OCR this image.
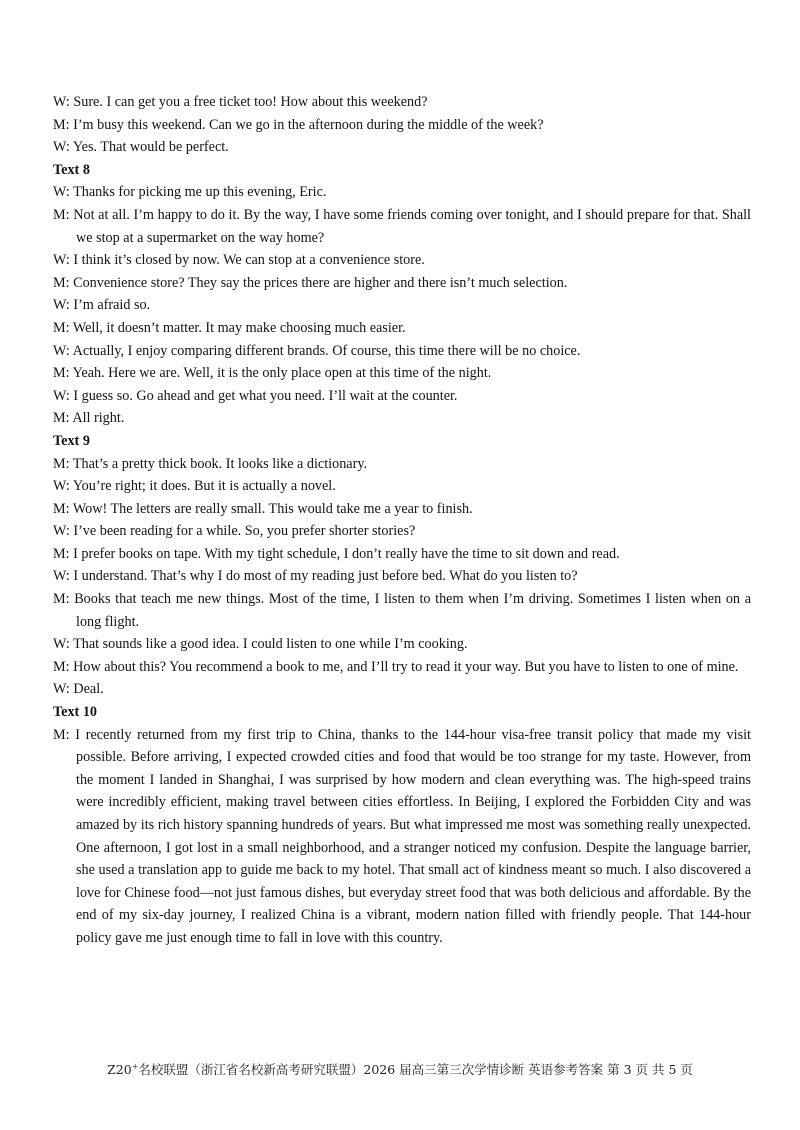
W: Sure. I can get you a free ticket too! How about this weekend?

M: I’m busy this weekend. Can we go in the afternoon during the middle of the week?

W: Yes. That would be perfect.

Text 8

W: Thanks for picking me up this evening, Eric.

M: Not at all. I’m happy to do it. By the way, I have some friends coming over tonight, and I should prepare for that. Shall we stop at a supermarket on the way home?

W: I think it’s closed by now. We can stop at a convenience store.

M: Convenience store? They say the prices there are higher and there isn’t much selection.

W: I’m afraid so.

M: Well, it doesn’t matter. It may make choosing much easier.

W: Actually, I enjoy comparing different brands. Of course, this time there will be no choice.

M: Yeah. Here we are. Well, it is the only place open at this time of the night.

W: I guess so. Go ahead and get what you need. I’ll wait at the counter.

M: All right.

Text 9

M: That’s a pretty thick book. It looks like a dictionary.

W: You’re right; it does. But it is actually a novel.

M: Wow! The letters are really small. This would take me a year to finish.

W: I’ve been reading for a while. So, you prefer shorter stories?

M: I prefer books on tape. With my tight schedule, I don’t really have the time to sit down and read.

W: I understand. That’s why I do most of my reading just before bed. What do you listen to?

M: Books that teach me new things. Most of the time, I listen to them when I’m driving. Sometimes I listen when on a long flight.

W: That sounds like a good idea. I could listen to one while I’m cooking.

M: How about this? You recommend a book to me, and I’ll try to read it your way. But you have to listen to one of mine.

W: Deal.

Text 10

M: I recently returned from my first trip to China, thanks to the 144-hour visa-free transit policy that made my visit possible. Before arriving, I expected crowded cities and food that would be too strange for my taste. However, from the moment I landed in Shanghai, I was surprised by how modern and clean everything was. The high-speed trains were incredibly efficient, making travel between cities effortless. In Beijing, I explored the Forbidden City and was amazed by its rich history spanning hundreds of years. But what impressed me most was something really unexpected. One afternoon, I got lost in a small neighborhood, and a stranger noticed my confusion. Despite the language barrier, she used a translation app to guide me back to my hotel. That small act of kindness meant so much. I also discovered a love for Chinese food—not just famous dishes, but everyday street food that was both delicious and affordable. By the end of my six-day journey, I realized China is a vibrant, modern nation filled with friendly people. That 144-hour policy gave me just enough time to fall in love with this country.

Z20+名校联盟（浙江省名校新高考研究联盟）2026 届高三第三次学情诊断 英语参考答案 第 3 页 共 5 页
